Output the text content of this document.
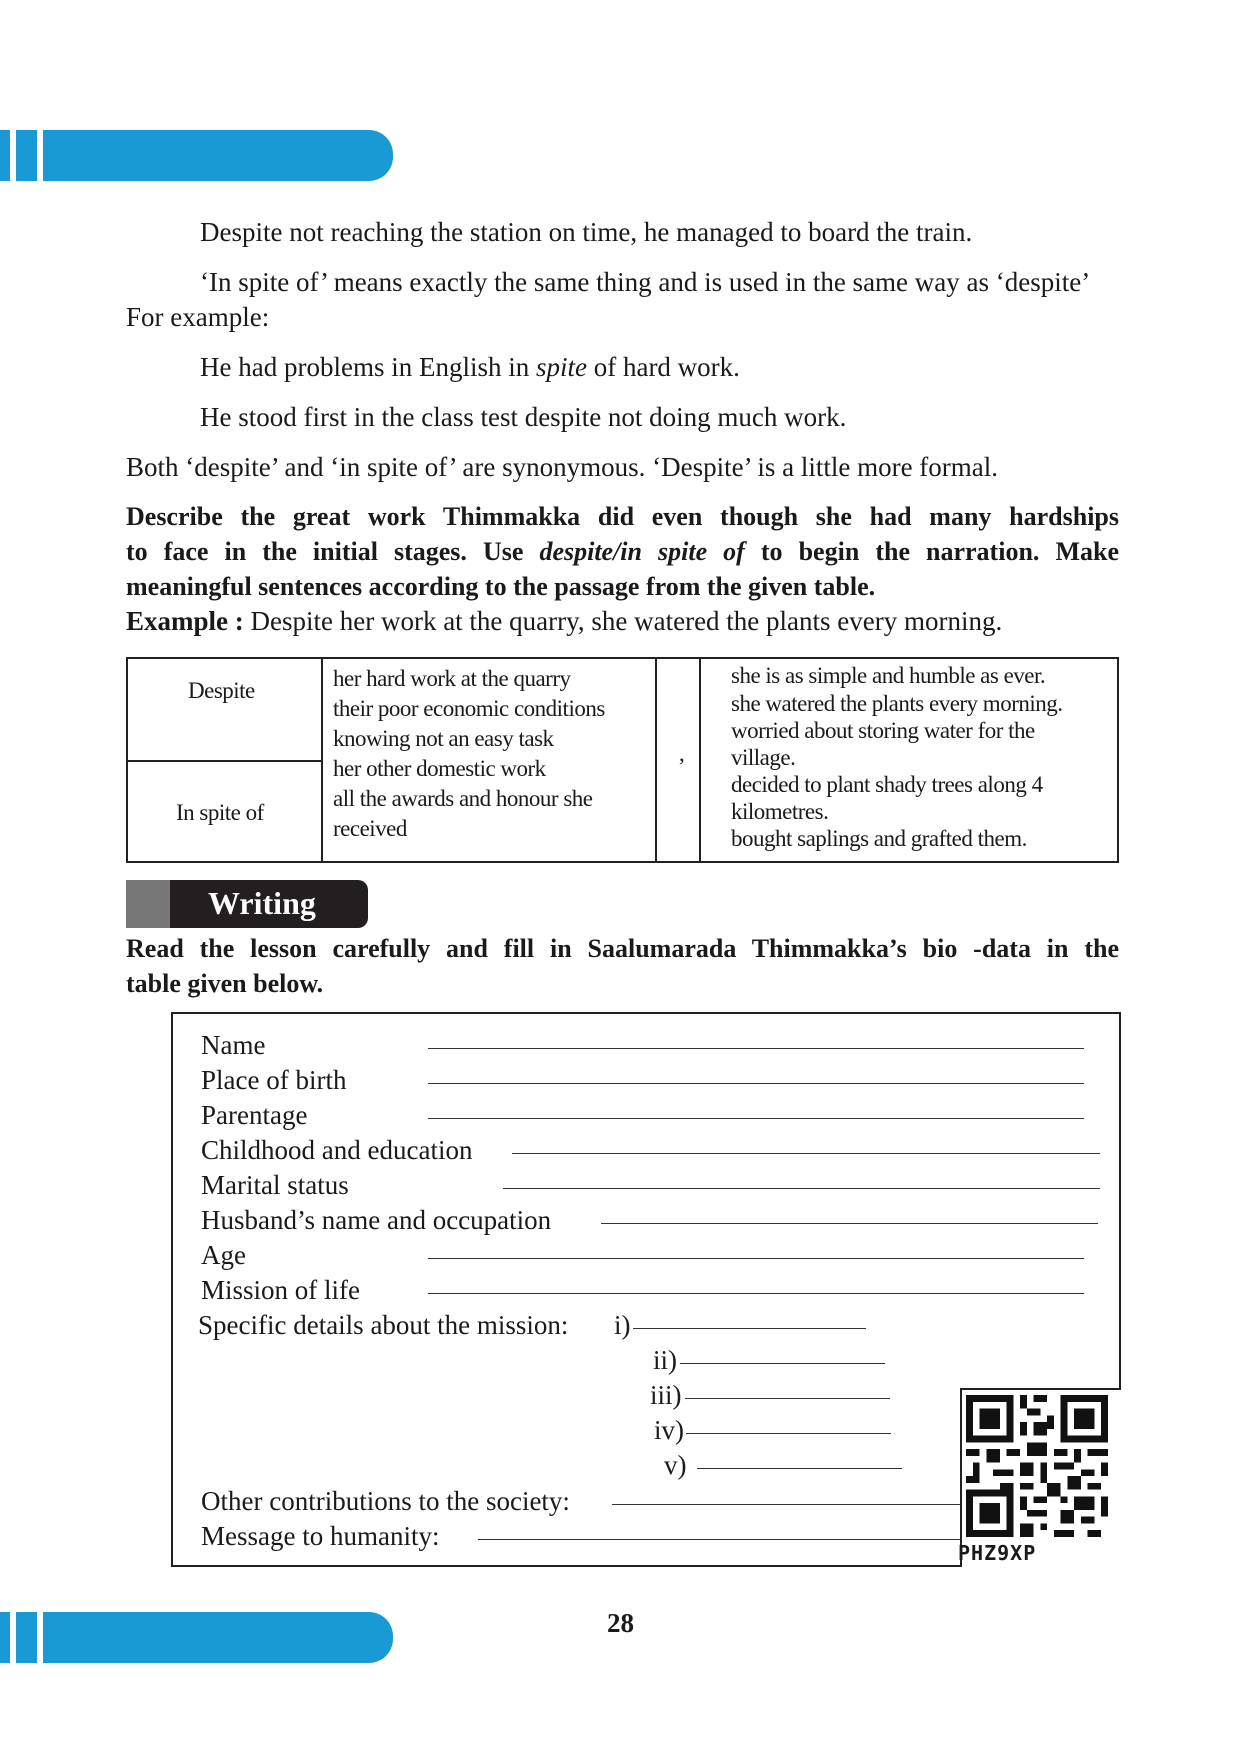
Despite not reaching the station on time, he managed to board the train.
‘In spite of’ means exactly the same thing and is used in the same way as ‘despite’
For example:
He had problems in English in spite of hard work.
He stood first in the class test despite not doing much work.
Both ‘despite’ and ‘in spite of’ are synonymous. ‘Despite’ is a little more formal.
Describe the great work Thimmakka did even though she had many hardships
to face in the initial stages. Use despite/in spite of to begin the narration. Make
meaningful sentences according to the passage from the given table.
Example : Despite her work at the quarry, she watered the plants every morning.
Despite
In spite of
her hard work at the quarry
their poor economic conditions
knowing not an easy task
her other domestic work
all the awards and honour she
received
,
she is as simple and humble as ever.
she watered the plants every morning.
worried about storing water for the
village.
decided to plant shady trees along 4
kilometres.
bought saplings and grafted them.
Writing
Read the lesson carefully and fill in Saalumarada Thimmakka’s bio -data in the
table given below.
Name
Place of birth
Parentage
Childhood and education
Marital status
Husband’s name and occupation
Age
Mission of life
Specific details about the mission: i)
ii)
iii)
iv)
v)
Other contributions to the society:
Message to humanity:
PHZ9XP
28
